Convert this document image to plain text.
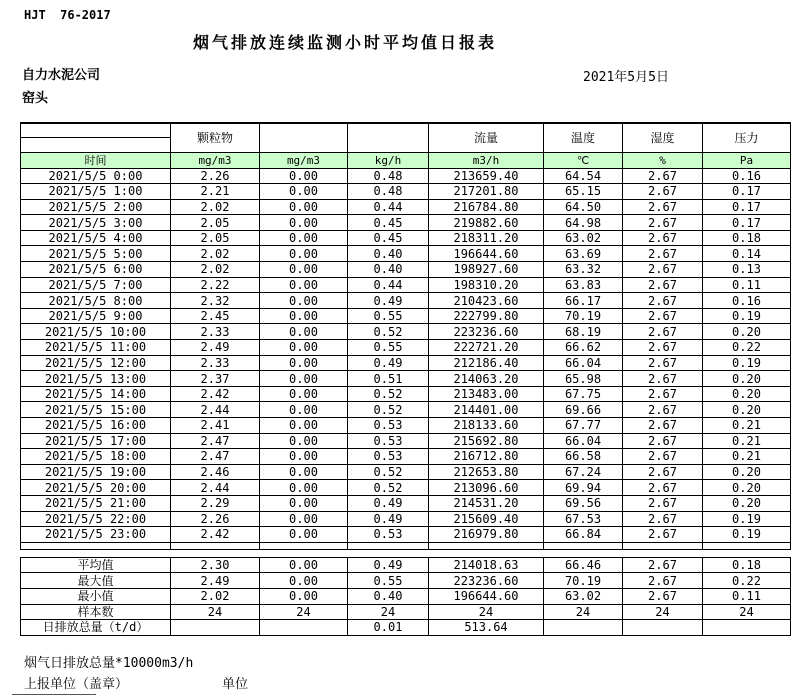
HJT  76-2017
烟气排放连续监测小时平均值日报表
自力水泥公司	2021年5月5日
窑头
	颗粒物			流量	温度	湿度	压力

时间	mg/m3	mg/m3	kg/h	m3/h	℃	%	Pa
2021/5/5 0:00	2.26	0.00	0.48	213659.40	64.54	2.67	0.16
2021/5/5 1:00	2.21	0.00	0.48	217201.80	65.15	2.67	0.17
2021/5/5 2:00	2.02	0.00	0.44	216784.80	64.50	2.67	0.17
2021/5/5 3:00	2.05	0.00	0.45	219882.60	64.98	2.67	0.17
2021/5/5 4:00	2.05	0.00	0.45	218311.20	63.02	2.67	0.18
2021/5/5 5:00	2.02	0.00	0.40	196644.60	63.69	2.67	0.14
2021/5/5 6:00	2.02	0.00	0.40	198927.60	63.32	2.67	0.13
2021/5/5 7:00	2.22	0.00	0.44	198310.20	63.83	2.67	0.11
2021/5/5 8:00	2.32	0.00	0.49	210423.60	66.17	2.67	0.16
2021/5/5 9:00	2.45	0.00	0.55	222799.80	70.19	2.67	0.19
2021/5/5 10:00	2.33	0.00	0.52	223236.60	68.19	2.67	0.20
2021/5/5 11:00	2.49	0.00	0.55	222721.20	66.62	2.67	0.22
2021/5/5 12:00	2.33	0.00	0.49	212186.40	66.04	2.67	0.19
2021/5/5 13:00	2.37	0.00	0.51	214063.20	65.98	2.67	0.20
2021/5/5 14:00	2.42	0.00	0.52	213483.00	67.75	2.67	0.20
2021/5/5 15:00	2.44	0.00	0.52	214401.00	69.66	2.67	0.20
2021/5/5 16:00	2.41	0.00	0.53	218133.60	67.77	2.67	0.21
2021/5/5 17:00	2.47	0.00	0.53	215692.80	66.04	2.67	0.21
2021/5/5 18:00	2.47	0.00	0.53	216712.80	66.58	2.67	0.21
2021/5/5 19:00	2.46	0.00	0.52	212653.80	67.24	2.67	0.20
2021/5/5 20:00	2.44	0.00	0.52	213096.60	69.94	2.67	0.20
2021/5/5 21:00	2.29	0.00	0.49	214531.20	69.56	2.67	0.20
2021/5/5 22:00	2.26	0.00	0.49	215609.40	67.53	2.67	0.19
2021/5/5 23:00	2.42	0.00	0.53	216979.80	66.84	2.67	0.19

平均值	2.30	0.00	0.49	214018.63	66.46	2.67	0.18
最大值	2.49	0.00	0.55	223236.60	70.19	2.67	0.22
最小值	2.02	0.00	0.40	196644.60	63.02	2.67	0.11
样本数	24	24	24	24	24	24	24
日排放总量（t/d）			0.01	513.64			
烟气日排放总量*10000m3/h
上报单位（盖章）	单位
